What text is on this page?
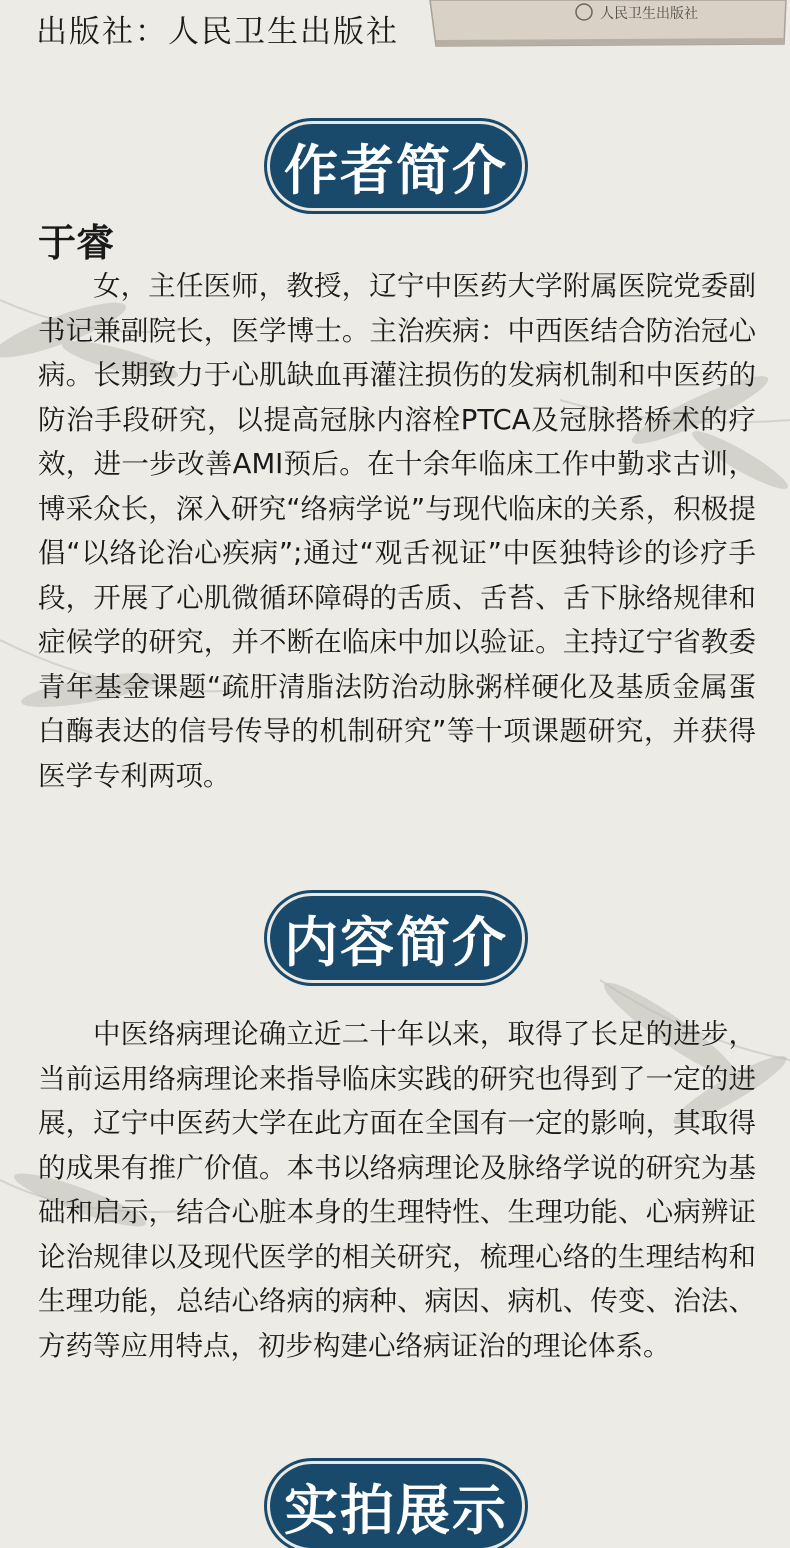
出版社：人民卫生出版社
人民卫生出版社
作者简介
于睿

女，主任医师，教授，辽宁中医药大学附属医院党委副书记兼副院长，医学博士。主治疾病：中西医结合防治冠心病。长期致力于心肌缺血再灌注损伤的发病机制和中医药的防治手段研究，以提高冠脉内溶栓PTCA及冠脉搭桥术的疗效，进一步改善AMI预后。在十余年临床工作中勤求古训，博采众长，深入研究“络病学说”与现代临床的关系，积极提倡“以络论治心疾病”;通过“观舌视证”中医独特诊的诊疗手段，开展了心肌微循环障碍的舌质、舌苔、舌下脉络规律和症候学的研究，并不断在临床中加以验证。主持辽宁省教委青年基金课题“疏肝清脂法防治动脉粥样硬化及基质金属蛋白酶表达的信号传导的机制研究”等十项课题研究，并获得医学专利两项。

内容简介

中医络病理论确立近二十年以来，取得了长足的进步，当前运用络病理论来指导临床实践的研究也得到了一定的进展，辽宁中医药大学在此方面在全国有一定的影响，其取得的成果有推广价值。本书以络病理论及脉络学说的研究为基础和启示，结合心脏本身的生理特性、生理功能、心病辨证论治规律以及现代医学的相关研究，梳理心络的生理结构和生理功能，总结心络病的病种、病因、病机、传变、治法、方药等应用特点，初步构建心络病证治的理论体系。

实拍展示
